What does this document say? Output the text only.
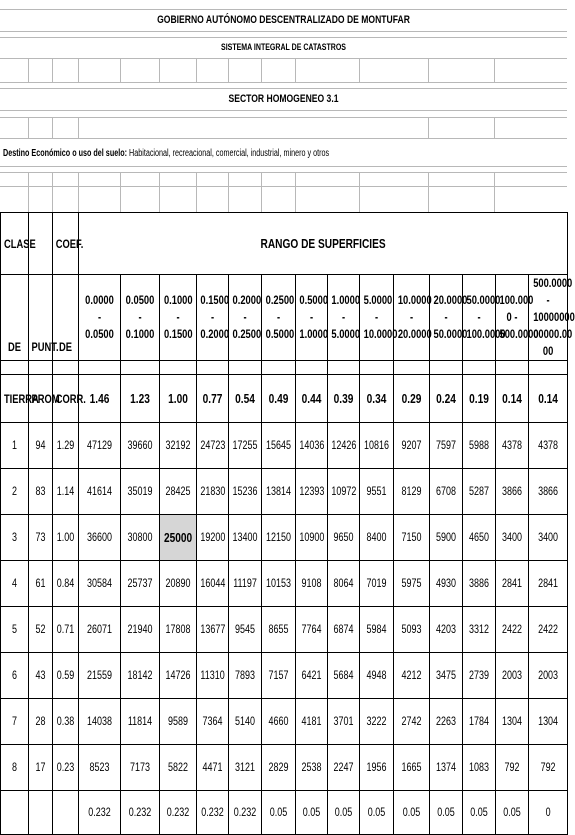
GOBIERNO AUTÓNOMO DESCENTRALIZADO DE MONTUFAR
SISTEMA INTEGRAL DE CATASTROS
SECTOR HOMOGENEO 3.1
Destino Económico o uso del suelo: Habitacional, recreacional, comercial, industrial, minero y otros
CLASE		COEF.	RANGO DE SUPERFICIES													

DE	PUNT.	DE	0.0000 - 0.0500	0.0500 - 0.1000	0.1000 - 0.1500	0.1500 - 0.2000	0.2000 - 0.2500	0.2500 - 0.5000	0.5000 - 1.0000	1.0000 - 5.0000	5.0000 - 10.0000	10.0000 - 20.0000	20.0000 - 50.0000	50.0000 - 100.0000	100.000 0 - 500.0000	500.0000 - 10000000 00000.00 00

TIERRA	PROM	CORR.	1.46	1.23	1.00	0.77	0.54	0.49	0.44	0.39	0.34	0.29	0.24	0.19	0.14	0.14

1	94	1.29	47129	39660	32192	24723	17255	15645	14036	12426	10816	9207	7597	5988	4378	4378

2	83	1.14	41614	35019	28425	21830	15236	13814	12393	10972	9551	8129	6708	5287	3866	3866

3	73	1.00	36600	30800	25000	19200	13400	12150	10900	9650	8400	7150	5900	4650	3400	3400

4	61	0.84	30584	25737	20890	16044	11197	10153	9108	8064	7019	5975	4930	3886	2841	2841

5	52	0.71	26071	21940	17808	13677	9545	8655	7764	6874	5984	5093	4203	3312	2422	2422

6	43	0.59	21559	18142	14726	11310	7893	7157	6421	5684	4948	4212	3475	2739	2003	2003

7	28	0.38	14038	11814	9589	7364	5140	4660	4181	3701	3222	2742	2263	1784	1304	1304

8	17	0.23	8523	7173	5822	4471	3121	2829	2538	2247	1956	1665	1374	1083	792	792

			0.232	0.232	0.232	0.232	0.232	0.05	0.05	0.05	0.05	0.05	0.05	0.05	0.05	0
